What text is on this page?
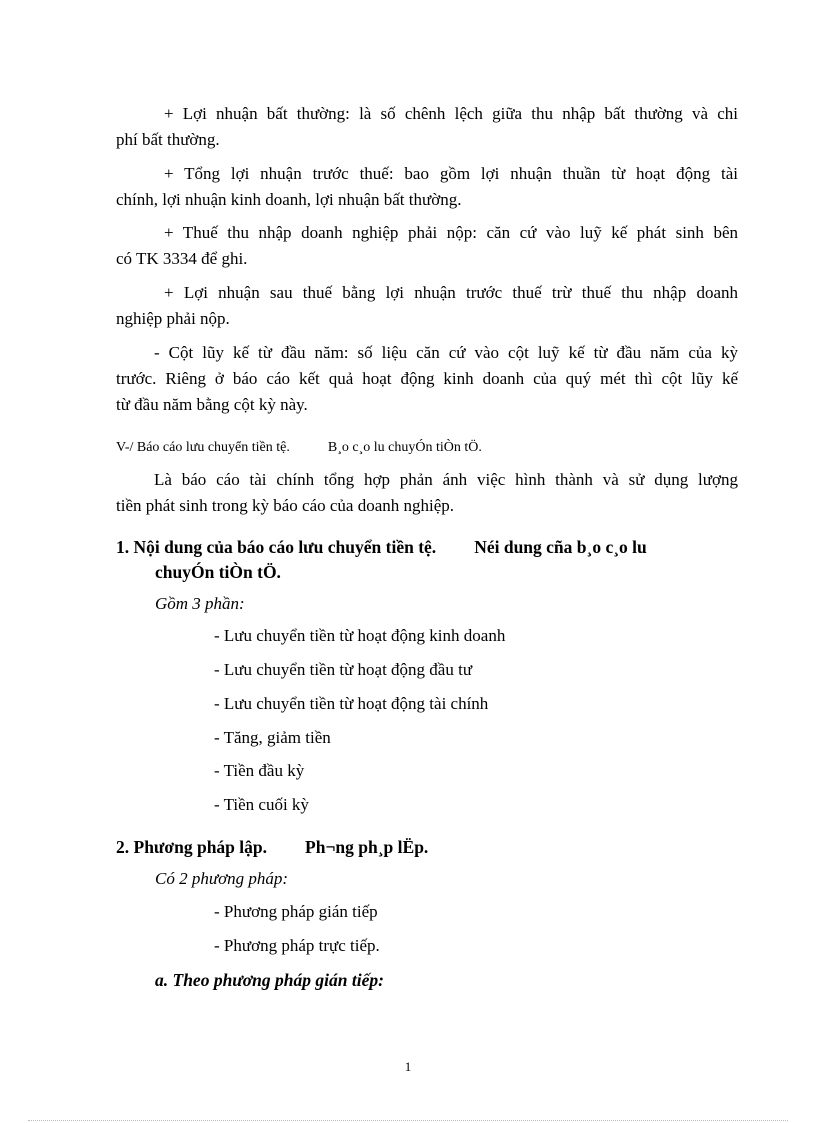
+ Lợi nhuận bất thường: là số chênh lệch giữa thu nhập bất thường và chi
phí bất thường.

+ Tổng lợi nhuận trước thuế: bao gồm lợi nhuận thuần từ hoạt động tài
chính, lợi nhuận kinh doanh, lợi nhuận bất thường.

+ Thuế thu nhập doanh nghiệp phải nộp: căn cứ vào luỹ kế phát sinh bên
có TK 3334 để ghi.

+ Lợi nhuận sau thuế bằng lợi nhuận trước thuế trừ thuế thu nhập doanh
nghiệp phải nộp.

- Cột lũy kế từ đầu năm: số liệu căn cứ vào cột luỹ kế từ đầu năm của kỳ
trước. Riêng ở báo cáo kết quả hoạt động kinh doanh của quý mét thì cột lũy kế
từ đầu năm bằng cột kỳ này.

V-/ Báo cáo lưu chuyển tiền tệ.	B¸o c¸o lu chuyÓn tiÒn tÖ.

Là báo cáo tài chính tổng hợp phản ánh việc hình thành và sử dụng lượng
tiền phát sinh trong kỳ báo cáo của doanh nghiệp.

1. Nội dung của báo cáo lưu chuyển tiền tệ. Néi dung cña b¸o c¸o lu
chuyÓn tiÒn tÖ.
Gồm 3 phần:
- Lưu chuyển tiền từ hoạt động kinh doanh
- Lưu chuyển tiền từ hoạt động đầu tư
- Lưu chuyển tiền từ hoạt động tài chính
- Tăng, giảm tiền
- Tiền đầu kỳ
- Tiền cuối kỳ
2. Phương pháp lập. Ph¬ng ph¸p lËp.
Có 2 phương pháp:
- Phương pháp gián tiếp
- Phương pháp trực tiếp.
a. Theo phương pháp gián tiếp:
1
